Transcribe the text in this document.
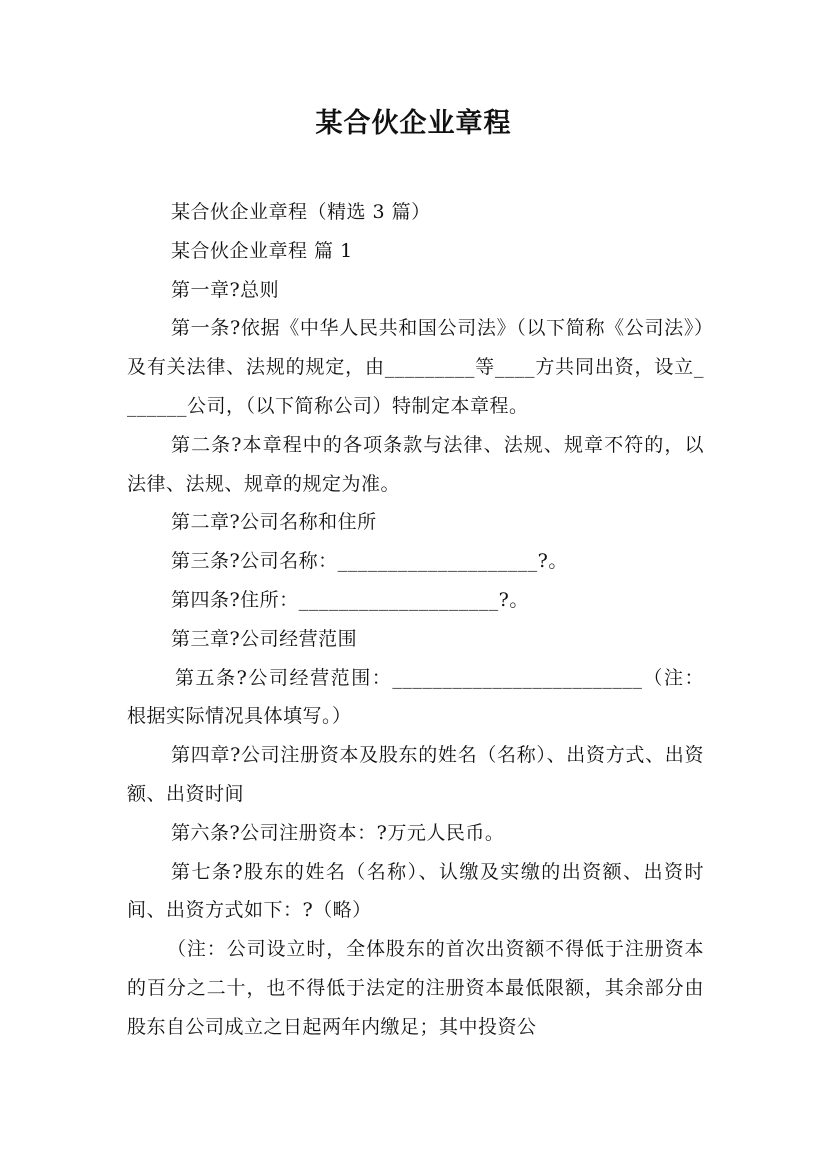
某合伙企业章程

某合伙企业章程（精选 3 篇）

某合伙企业章程 篇 1

第一章?总则

第一条?依据《中华人民共和国公司法》（以下简称《公司法》）及有关法律、法规的规定，由_________等____方共同出资，设立_______公司，（以下简称公司）特制定本章程。

第二条?本章程中的各项条款与法律、法规、规章不符的，以法律、法规、规章的规定为准。

第二章?公司名称和住所

第三条?公司名称：____________________?。

第四条?住所：____________________?。

第三章?公司经营范围

第五条?公司经营范围：_________________________（注：根据实际情况具体填写。）

第四章?公司注册资本及股东的姓名（名称）、出资方式、出资额、出资时间

第六条?公司注册资本：?万元人民币。

第七条?股东的姓名（名称）、认缴及实缴的出资额、出资时间、出资方式如下：?（略）

（注：公司设立时，全体股东的首次出资额不得低于注册资本的百分之二十，也不得低于法定的注册资本最低限额，其余部分由股东自公司成立之日起两年内缴足；其中投资公
